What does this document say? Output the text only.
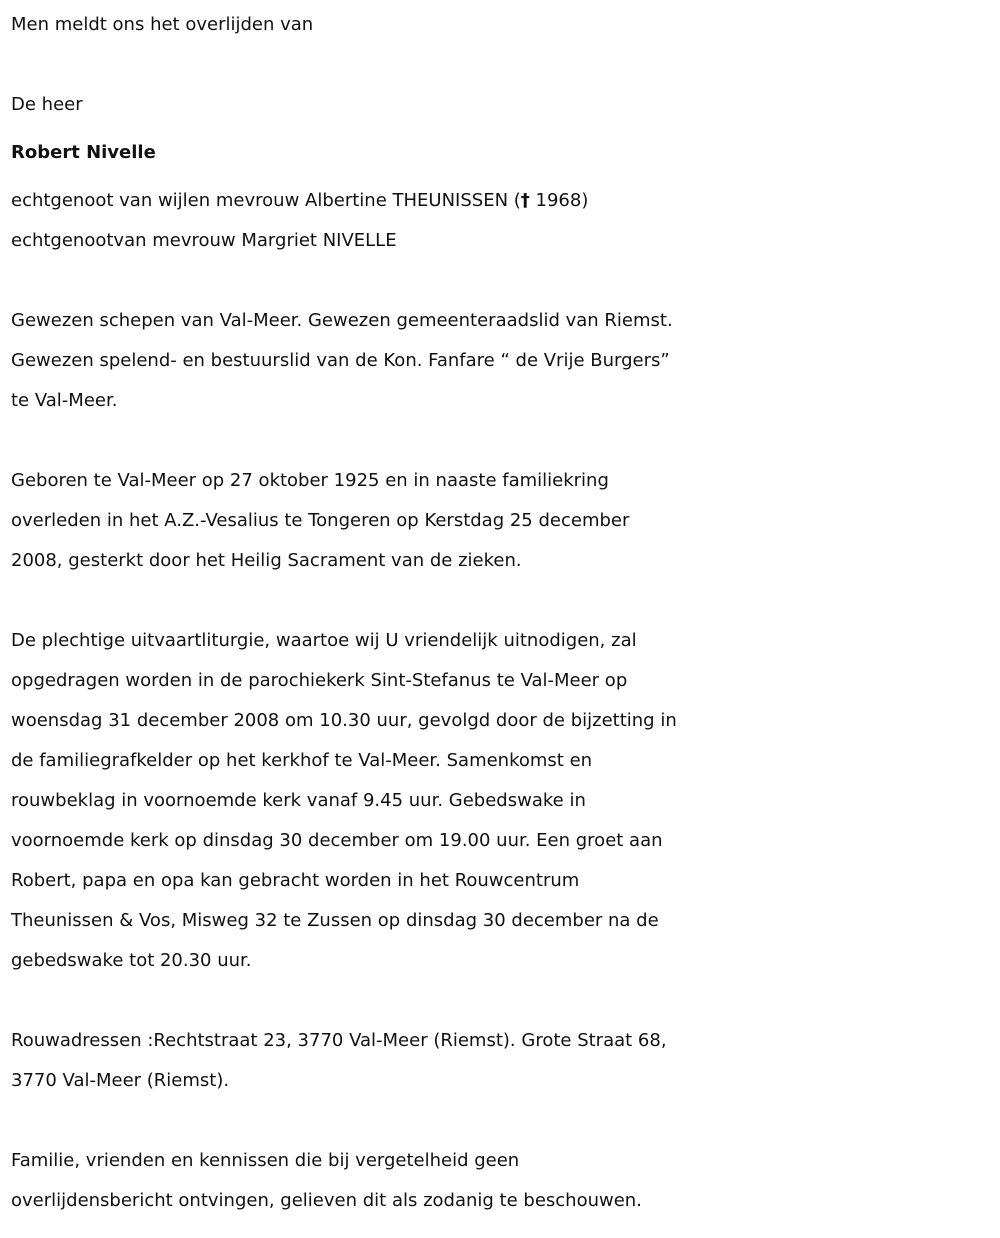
Men meldt ons het overlijden van
De heer
Robert Nivelle
echtgenoot van wijlen mevrouw Albertine THEUNISSEN († 1968)
echtgenootvan mevrouw Margriet NIVELLE
Gewezen schepen van Val-Meer. Gewezen gemeenteraadslid van Riemst.
Gewezen spelend- en bestuurslid van de Kon. Fanfare “ de Vrije Burgers”
te Val-Meer.
Geboren te Val-Meer op 27 oktober 1925 en in naaste familiekring
overleden in het A.Z.-Vesalius te Tongeren op Kerstdag 25 december
2008, gesterkt door het Heilig Sacrament van de zieken.
De plechtige uitvaartliturgie, waartoe wij U vriendelijk uitnodigen, zal
opgedragen worden in de parochiekerk Sint-Stefanus te Val-Meer op
woensdag 31 december 2008 om 10.30 uur, gevolgd door de bijzetting in
de familiegrafkelder op het kerkhof te Val-Meer. Samenkomst en
rouwbeklag in voornoemde kerk vanaf 9.45 uur. Gebedswake in
voornoemde kerk op dinsdag 30 december om 19.00 uur. Een groet aan
Robert, papa en opa kan gebracht worden in het Rouwcentrum
Theunissen & Vos, Misweg 32 te Zussen op dinsdag 30 december na de
gebedswake tot 20.30 uur.
Rouwadressen :Rechtstraat 23, 3770 Val-Meer (Riemst). Grote Straat 68,
3770 Val-Meer (Riemst).
Familie, vrienden en kennissen die bij vergetelheid geen
overlijdensbericht ontvingen, gelieven dit als zodanig te beschouwen.
